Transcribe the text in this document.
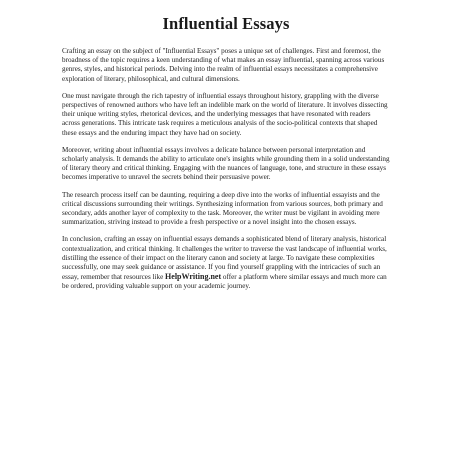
Influential Essays

Crafting an essay on the subject of "Influential Essays" poses a unique set of challenges. First and foremost, the broadness of the topic requires a keen understanding of what makes an essay influential, spanning across various genres, styles, and historical periods. Delving into the realm of influential essays necessitates a comprehensive exploration of literary, philosophical, and cultural dimensions.

One must navigate through the rich tapestry of influential essays throughout history, grappling with the diverse perspectives of renowned authors who have left an indelible mark on the world of literature. It involves dissecting their unique writing styles, rhetorical devices, and the underlying messages that have resonated with readers across generations. This intricate task requires a meticulous analysis of the socio-political contexts that shaped these essays and the enduring impact they have had on society.

Moreover, writing about influential essays involves a delicate balance between personal interpretation and scholarly analysis. It demands the ability to articulate one's insights while grounding them in a solid understanding of literary theory and critical thinking. Engaging with the nuances of language, tone, and structure in these essays becomes imperative to unravel the secrets behind their persuasive power.

The research process itself can be daunting, requiring a deep dive into the works of influential essayists and the critical discussions surrounding their writings. Synthesizing information from various sources, both primary and secondary, adds another layer of complexity to the task. Moreover, the writer must be vigilant in avoiding mere summarization, striving instead to provide a fresh perspective or a novel insight into the chosen essays.

In conclusion, crafting an essay on influential essays demands a sophisticated blend of literary analysis, historical contextualization, and critical thinking. It challenges the writer to traverse the vast landscape of influential works, distilling the essence of their impact on the literary canon and society at large. To navigate these complexities successfully, one may seek guidance or assistance. If you find yourself grappling with the intricacies of such an essay, remember that resources like HelpWriting.net offer a platform where similar essays and much more can be ordered, providing valuable support on your academic journey.
